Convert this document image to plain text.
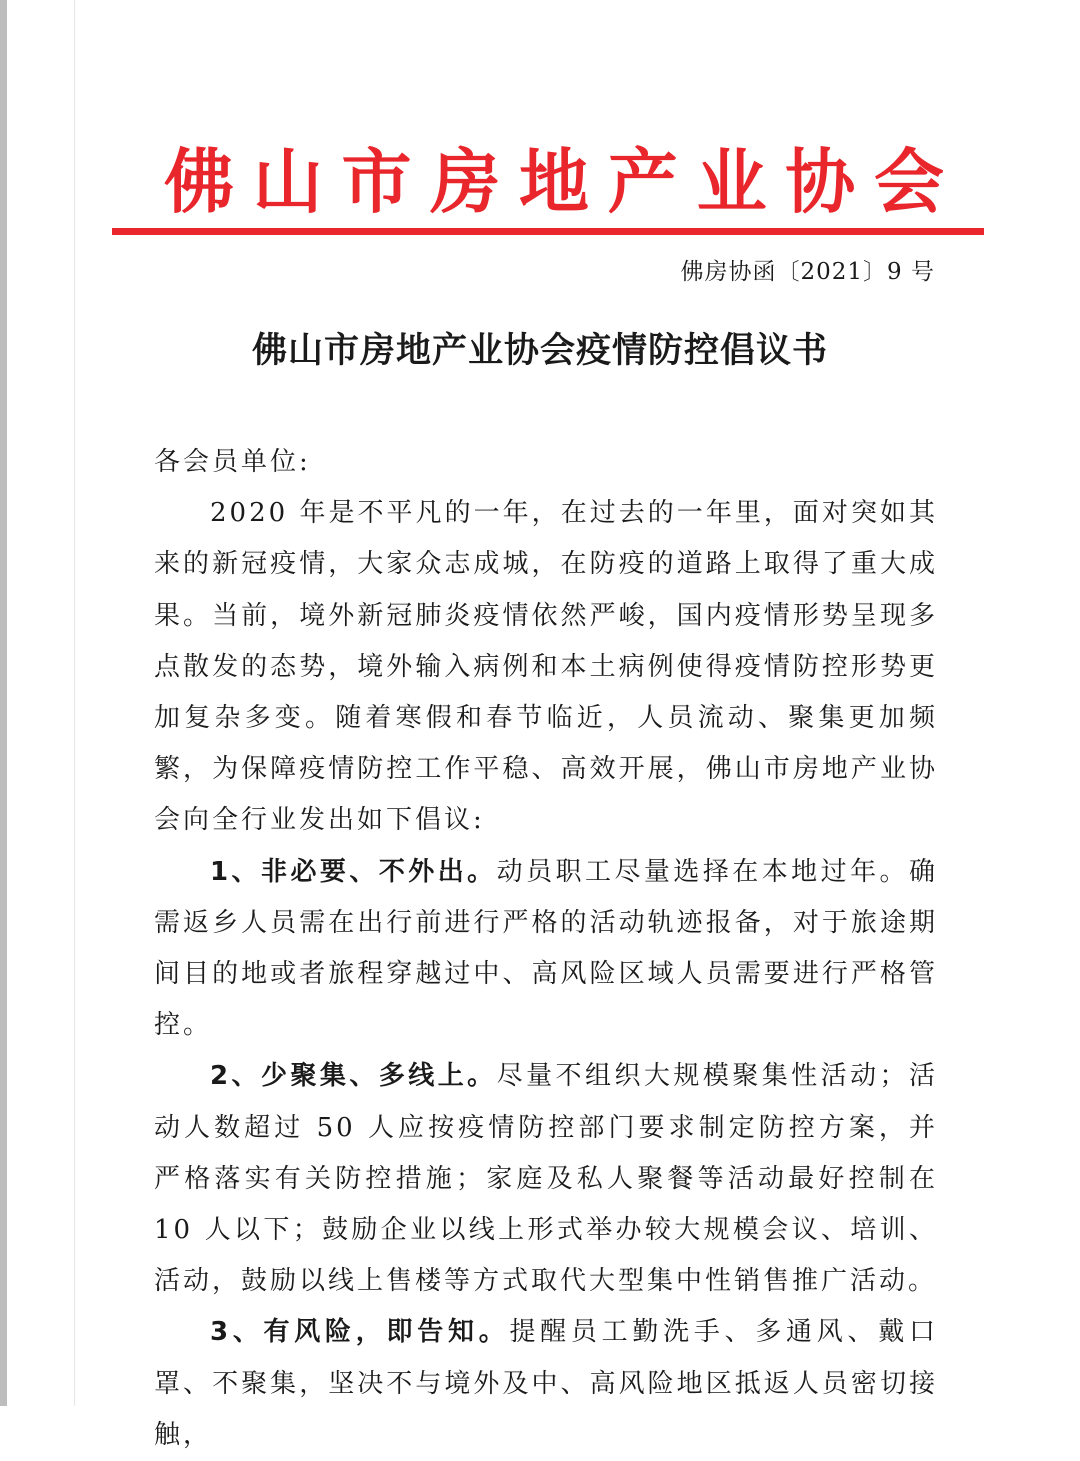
佛 山 市 房 地 产 业 协 会
佛房协函〔2021〕9 号
佛山市房地产业协会疫情防控倡议书

各会员单位:

2020 年是不平凡的一年，在过去的一年里，面对突如其来的新冠疫情，大家众志成城，在防疫的道路上取得了重大成果。当前，境外新冠肺炎疫情依然严峻，国内疫情形势呈现多点散发的态势，境外输入病例和本土病例使得疫情防控形势更加复杂多变。随着寒假和春节临近，人员流动、聚集更加频繁，为保障疫情防控工作平稳、高效开展，佛山市房地产业协会向全行业发出如下倡议:

1、非必要、不外出。动员职工尽量选择在本地过年。确需返乡人员需在出行前进行严格的活动轨迹报备，对于旅途期间目的地或者旅程穿越过中、高风险区域人员需要进行严格管控。

2、少聚集、多线上。尽量不组织大规模聚集性活动；活动人数超过 50 人应按疫情防控部门要求制定防控方案，并严格落实有关防控措施；家庭及私人聚餐等活动最好控制在 10 人以下；鼓励企业以线上形式举办较大规模会议、培训、活动，鼓励以线上售楼等方式取代大型集中性销售推广活动。

3、有风险，即告知。提醒员工勤洗手、多通风、戴口罩、不聚集，坚决不与境外及中、高风险地区抵返人员密切接触，
